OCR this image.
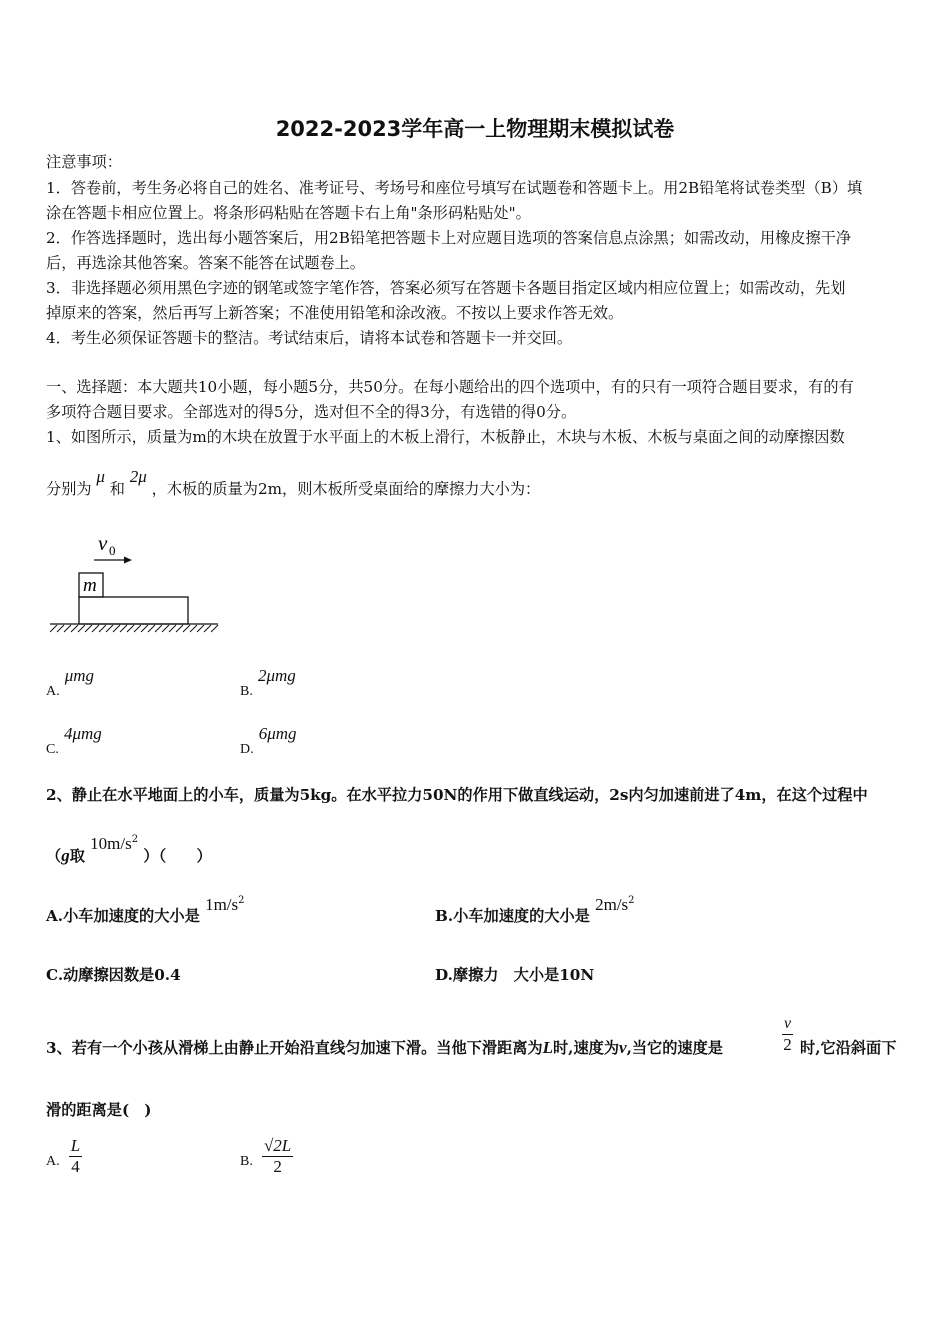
2022-2023学年高一上物理期末模拟试卷
注意事项：
1．答卷前，考生务必将自己的姓名、准考证号、考场号和座位号填写在试题卷和答题卡上。用2B铅笔将试卷类型（B）填
涂在答题卡相应位置上。将条形码粘贴在答题卡右上角"条形码粘贴处"。
2．作答选择题时，选出每小题答案后，用2B铅笔把答题卡上对应题目选项的答案信息点涂黑；如需改动，用橡皮擦干净
后，再选涂其他答案。答案不能答在试题卷上。
3．非选择题必须用黑色字迹的钢笔或签字笔作答，答案必须写在答题卡各题目指定区域内相应位置上；如需改动，先划
掉原来的答案，然后再写上新答案；不准使用铅笔和涂改液。不按以上要求作答无效。
4．考生必须保证答题卡的整洁。考试结束后，请将本试卷和答题卡一并交回。
一、选择题：本大题共10小题，每小题5分，共50分。在每小题给出的四个选项中，有的只有一项符合题目要求，有的有
多项符合题目要求。全部选对的得5分，选对但不全的得3分，有选错的得0分。
1、如图所示，质量为m的木块在放置于水平面上的木板上滑行，木板静止，木块与木板、木板与桌面之间的动摩擦因数
分别为 μ 和 2μ ，木板的质量为2m，则木板所受桌面给的摩擦力大小为：
v 0
m
A. μmg
B. 2μmg
C. 4μmg
D. 6μmg
2、静止在水平地面上的小车，质量为5kg。在水平拉力50N的作用下做直线运动，2s内匀加速前进了4m，在这个过程中
（g取 $10m/s^2$ ）（　　）
A.小车加速度的大小是 $1m/s^2$
B.小车加速度的大小是 $2m/s^2$
C.动摩擦因数是0.4	D.摩擦力　大小是10N
3、若有一个小孩从滑梯上由静止开始沿直线匀加速下滑。当他下滑距离为L时,速度为v,当它的速度是	$\frac{v}{2}$ 时,它沿斜面下
滑的距离是(　)
A. $\frac{L}{4}$	B. $\frac{√2L}{2}$
